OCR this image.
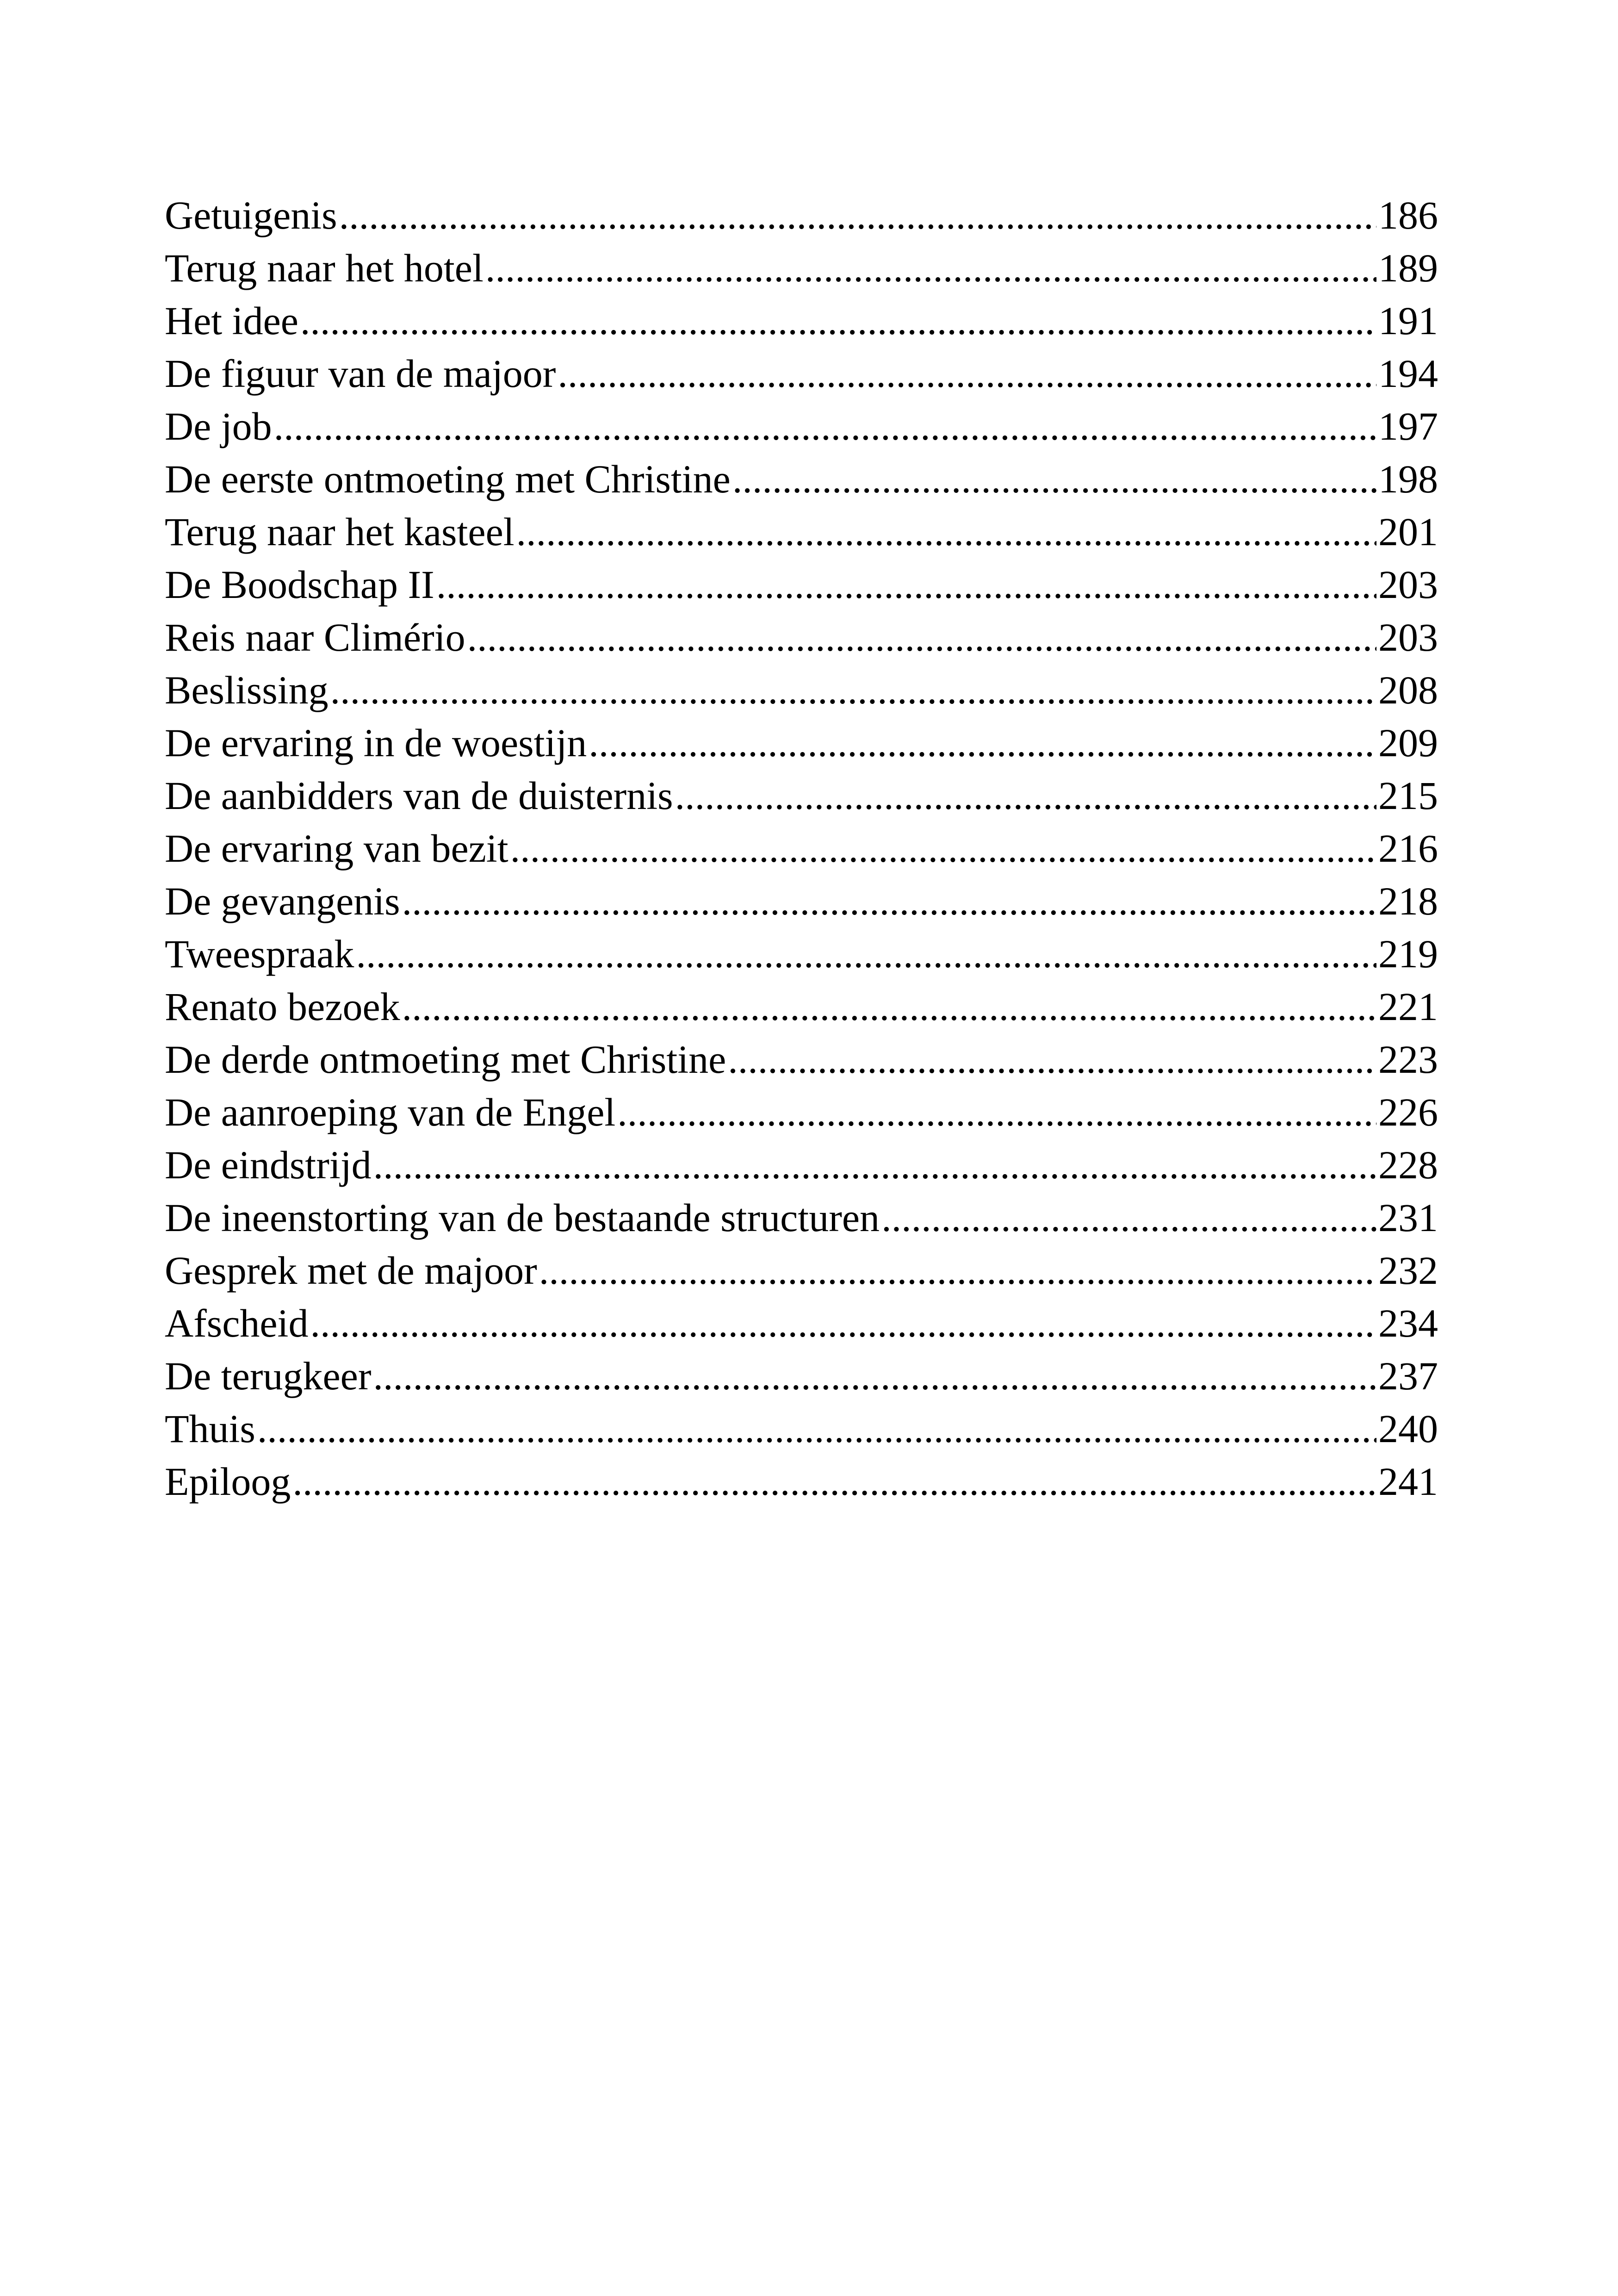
Getuigenis .....	186
Terug naar het hotel .....	189
Het idee .....	191
De figuur van de majoor .....	194
De job .....	197
De eerste ontmoeting met Christine .....	198
Terug naar het kasteel .....	201
De Boodschap II .....	203
Reis naar Climério .....	203
Beslissing .....	208
De ervaring in de woestijn .....	209
De aanbidders van de duisternis .....	215
De ervaring van bezit .....	216
De gevangenis .....	218
Tweespraak .....	219
Renato bezoek .....	221
De derde ontmoeting met Christine .....	223
De aanroeping van de Engel .....	226
De eindstrijd .....	228
De ineenstorting van de bestaande structuren .....	231
Gesprek met de majoor .....	232
Afscheid .....	234
De terugkeer .....	237
Thuis .....	240
Epiloog .....	241
